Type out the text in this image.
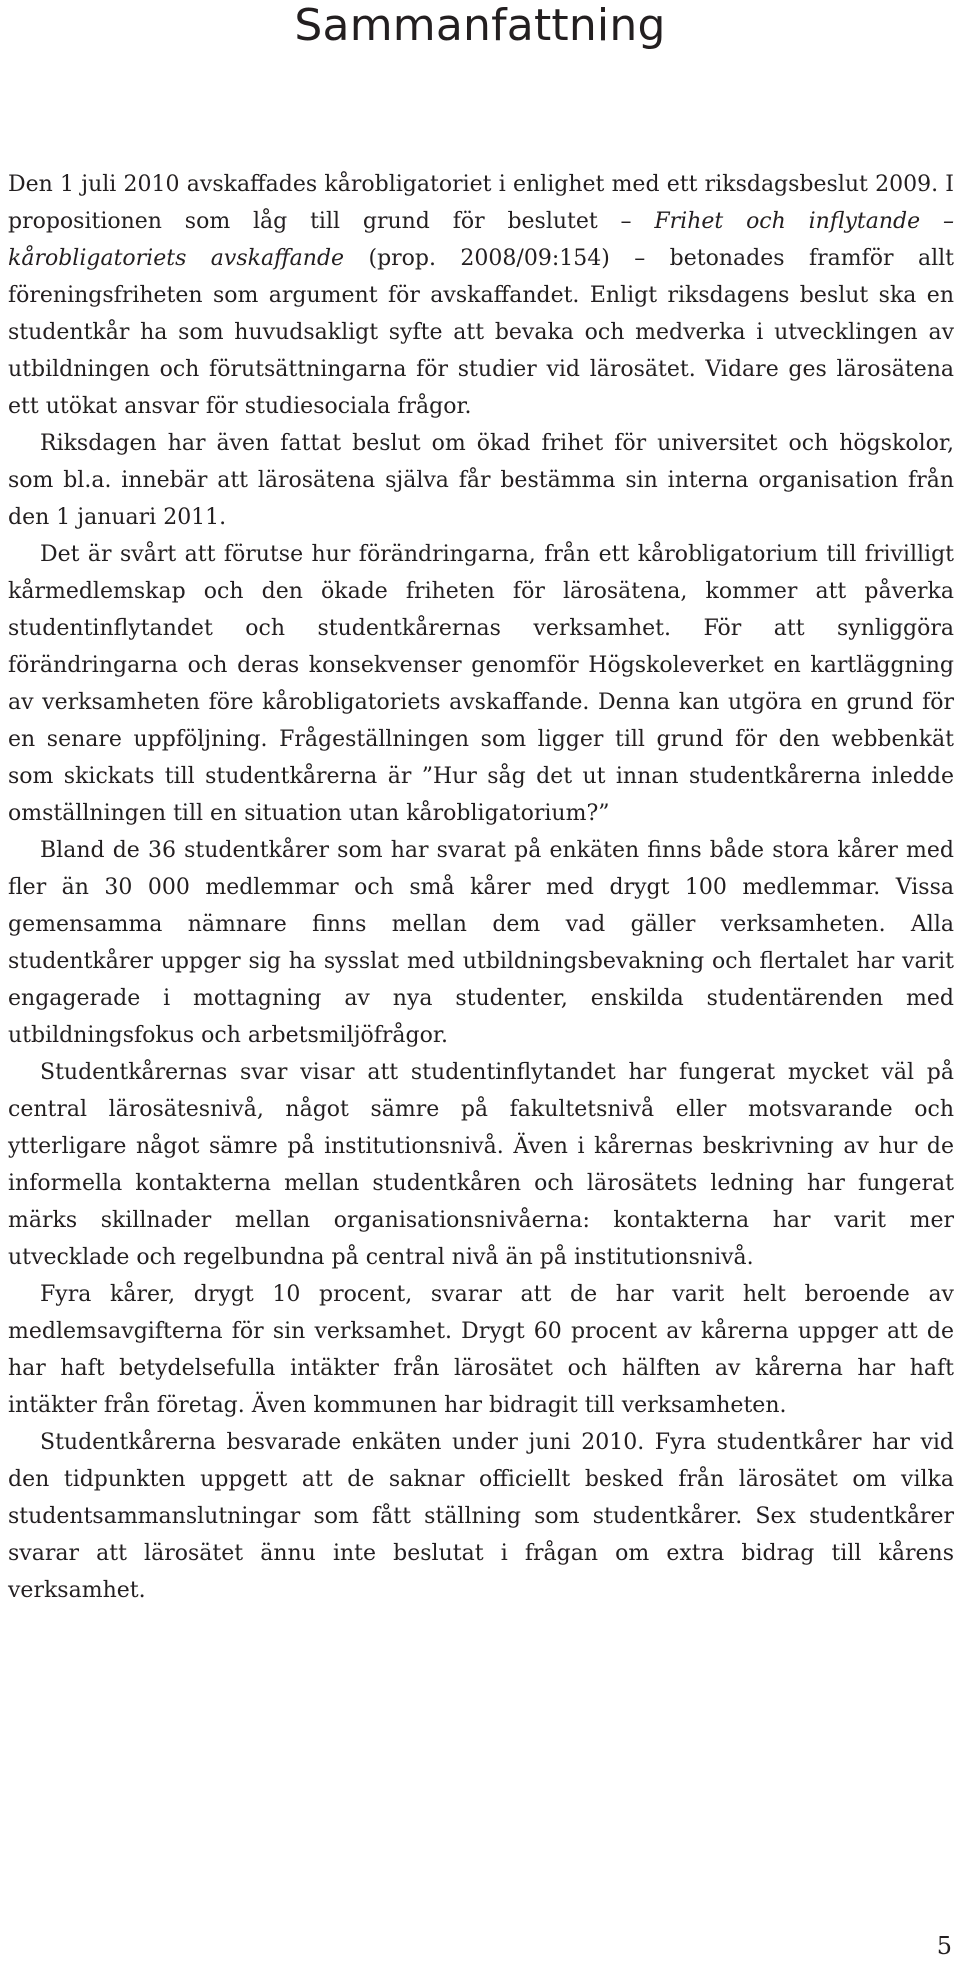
Sammanfattning

Den 1 juli 2010 avskaffades kårobligatoriet i enlighet med ett riksdagsbeslut 2009. I propositionen som låg till grund för beslutet – Frihet och inflytande – kårobligatoriets avskaffande (prop. 2008/09:154) – betonades framför allt föreningsfriheten som argument för avskaffandet. Enligt riksdagens beslut ska en studentkår ha som huvudsakligt syfte att bevaka och medverka i utvecklingen av utbildningen och förutsättningarna för studier vid lärosätet. Vidare ges lärosätena ett utökat ansvar för studiesociala frågor.

Riksdagen har även fattat beslut om ökad frihet för universitet och högskolor, som bl.a. innebär att lärosätena själva får bestämma sin interna organisation från den 1 januari 2011.

Det är svårt att förutse hur förändringarna, från ett kårobligatorium till frivilligt kårmedlemskap och den ökade friheten för lärosätena, kommer att påverka studentinflytandet och studentkårernas verksamhet. För att synliggöra förändringarna och deras konsekvenser genomför Högskoleverket en kartläggning av verksamheten före kårobligatoriets avskaffande. Denna kan utgöra en grund för en senare uppföljning. Frågeställningen som ligger till grund för den webbenkät som skickats till studentkårerna är ”Hur såg det ut innan studentkårerna inledde omställningen till en situation utan kårobligatorium?”

Bland de 36 studentkårer som har svarat på enkäten finns både stora kårer med fler än 30 000 medlemmar och små kårer med drygt 100 medlemmar. Vissa gemensamma nämnare finns mellan dem vad gäller verksamheten. Alla studentkårer uppger sig ha sysslat med utbildningsbevakning och flertalet har varit engagerade i mottagning av nya studenter, enskilda studentärenden med utbildningsfokus och arbetsmiljöfrågor.

Studentkårernas svar visar att studentinflytandet har fungerat mycket väl på central lärosätesnivå, något sämre på fakultetsnivå eller motsvarande och ytterligare något sämre på institutionsnivå. Även i kårernas beskrivning av hur de informella kontakterna mellan studentkåren och lärosätets ledning har fungerat märks skillnader mellan organisationsnivåerna: kontakterna har varit mer utvecklade och regelbundna på central nivå än på institutionsnivå.

Fyra kårer, drygt 10 procent, svarar att de har varit helt beroende av medlemsavgifterna för sin verksamhet. Drygt 60 procent av kårerna uppger att de har haft betydelsefulla intäkter från lärosätet och hälften av kårerna har haft intäkter från företag. Även kommunen har bidragit till verksamheten.

Studentkårerna besvarade enkäten under juni 2010. Fyra studentkårer har vid den tidpunkten uppgett att de saknar officiellt besked från lärosätet om vilka studentsammanslutningar som fått ställning som studentkårer. Sex studentkårer svarar att lärosätet ännu inte beslutat i frågan om extra bidrag till kårens verksamhet.

5
